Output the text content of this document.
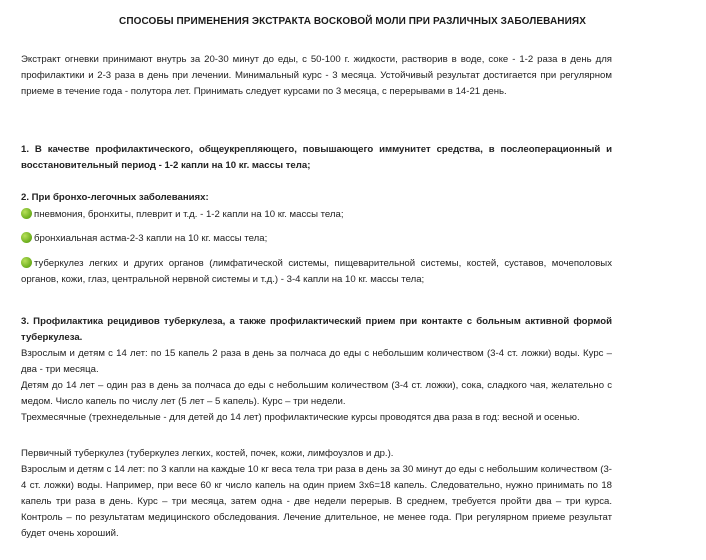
СПОСОБЫ ПРИМЕНЕНИЯ ЭКСТРАКТА ВОСКОВОЙ МОЛИ ПРИ РАЗЛИЧНЫХ ЗАБОЛЕВАНИЯХ

Экстракт огневки принимают внутрь за 20-30 минут до еды, с 50-100 г. жидкости, растворив в воде, соке - 1-2 раза в день для профилактики и 2-3 раза в день при лечении. Минимальный курс - 3 месяца. Устойчивый результат достигается при регулярном приеме в течение года - полутора лет. Принимать следует курсами по 3 месяца, с перерывами в 14-21 день.

1. В качестве профилактического, общеукрепляющего, повышающего иммунитет средства, в послеоперационный и восстановительный период - 1-2 капли на 10 кг. массы тела;

2. При бронхо-легочных заболеваниях:

пневмония, бронхиты, плеврит и т.д. - 1-2 капли на 10 кг. массы тела;
бронхиальная астма-2-3 капли на 10 кг. массы тела;
туберкулез легких и других органов (лимфатической системы, пищеварительной системы, костей, суставов, мочеполовых органов, кожи, глаз, центральной нервной системы и т.д.) - 3-4 капли на 10 кг. массы тела;

3. Профилактика рецидивов туберкулеза, а также профилактический прием при контакте с больным активной формой туберкулеза.

Взрослым и детям с 14 лет: по 15 капель 2 раза в день за полчаса до еды с небольшим количеством (3-4 ст. ложки) воды. Курс – два - три месяца.

Детям до 14 лет – один раз в день за полчаса до еды с небольшим количеством (3-4 ст. ложки), сока, сладкого чая, желательно с медом. Число капель по числу лет (5 лет – 5 капель). Курс – три недели.

Трехмесячные (трехнедельные - для детей до 14 лет) профилактические курсы проводятся два раза в год: весной и осенью.

Первичный туберкулез (туберкулез легких, костей, почек, кожи, лимфоузлов и др.).

Взрослым и детям с 14 лет: по 3 капли на каждые 10 кг веса тела три раза в день за 30 минут до еды с небольшим количеством (3-4 ст. ложки) воды. Например, при весе 60 кг число капель на один прием 3х6=18 капель. Следовательно, нужно принимать по 18 капель три раза в день. Курс – три месяца, затем одна - две недели перерыв. В среднем, требуется пройти два – три курса. Контроль – по результатам медицинского обследования. Лечение длительное, не менее года. При регулярном приеме результат будет очень хороший.
